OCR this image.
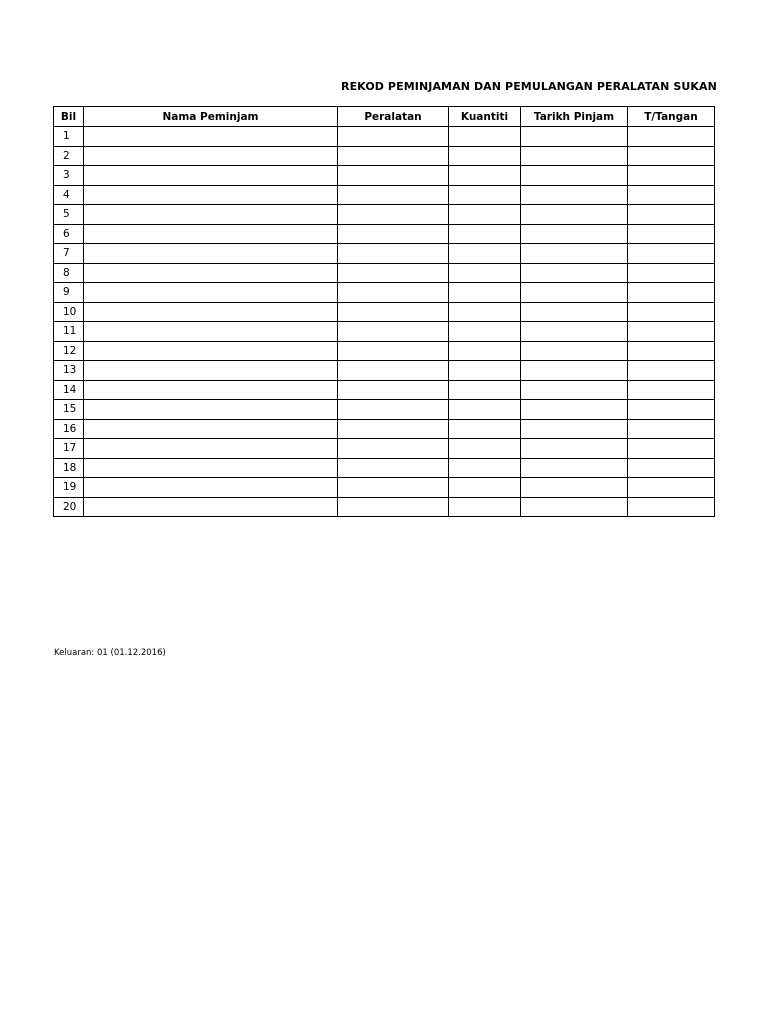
REKOD PEMINJAMAN DAN PEMULANGAN PERALATAN SUKAN
Bil	Nama Peminjam	Peralatan	Kuantiti	Tarikh Pinjam	T/Tangan
1					
2					
3					
4					
5					
6					
7					
8					
9					
10					
11					
12					
13					
14					
15					
16					
17					
18					
19					
20					
Keluaran: 01 (01.12.2016)
